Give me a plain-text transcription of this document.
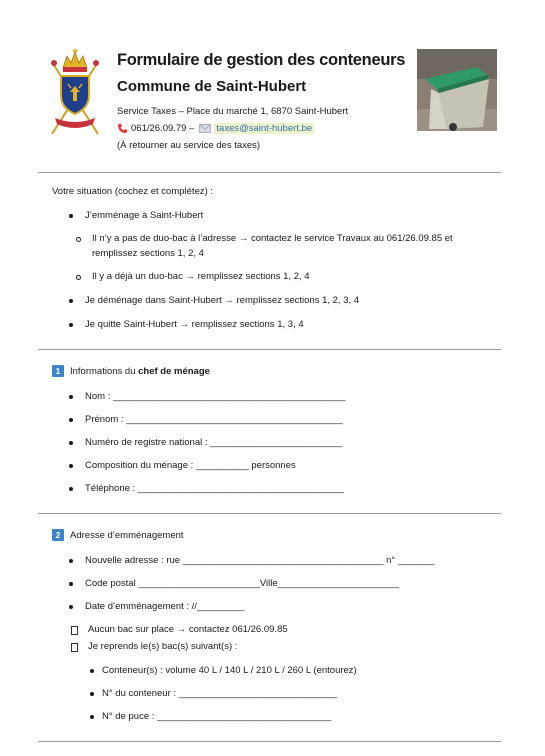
Formulaire de gestion des conteneurs
Commune de Saint-Hubert
Service Taxes – Place du marché 1, 6870 Saint-Hubert
061/26.09.79 – taxes@saint-hubert.be
(À retourner au service des taxes)
Votre situation (cochez et complétez) :
J’emménage à Saint-Hubert
Il n’y a pas de duo-bac à l’adresse → contactez le service Travaux au 061/26.09.85 et
remplissez sections 1, 2, 4
Il y a déjà un duo-bac → remplissez sections 1, 2, 4
Je déménage dans Saint-Hubert → remplissez sections 1, 2, 3, 4
Je quitte Saint-Hubert → remplissez sections 1, 3, 4
1	Informations du chef de ménage
Nom : ____________________________________________
Prénom : _________________________________________
Numéro de registre national : _________________________
Composition du ménage : __________ personnes
Téléphone : _______________________________________
2	Adresse d’emménagement
Nouvelle adresse : rue ______________________________________ n° _______
Code postal _______________________Ville_______________________
Date d’emménagement : //_________
Aucun bac sur place → contactez 061/26.09.85
Je reprends le(s) bac(s) suivant(s) :
Conteneur(s) : volume 40 L / 140 L / 210 L / 260 L (entourez)
N° du conteneur : ______________________________
N° de puce : _________________________________
